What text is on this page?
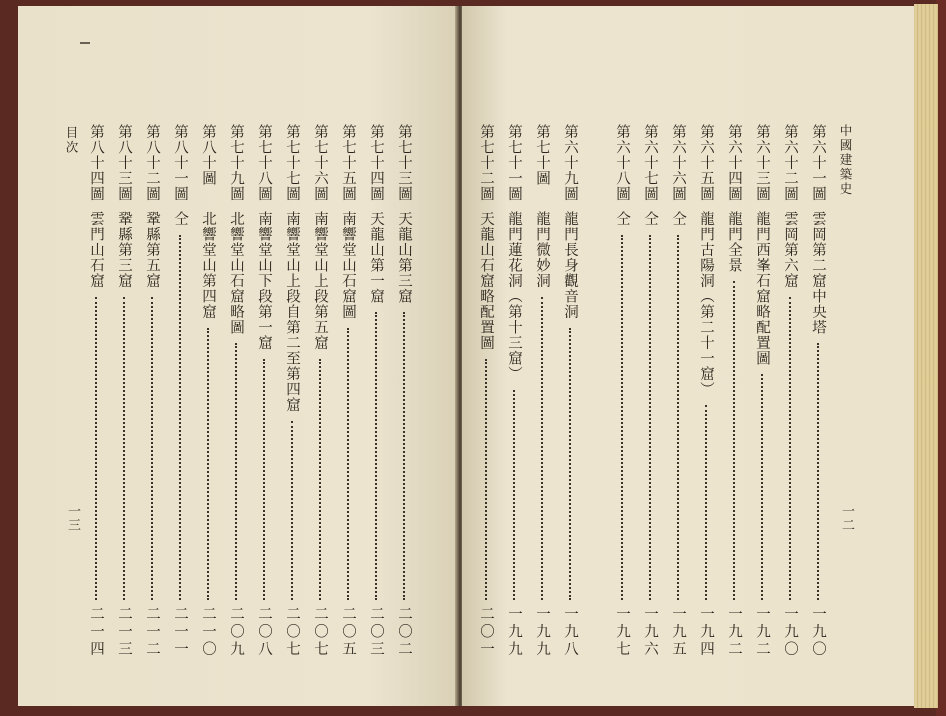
第七十三圖
天龍山第三窟
二〇二
第七十四圖
天龍山第一窟
二〇三
第七十五圖
南響堂山石窟圖
二〇五
第七十六圖
南響堂山上段第五窟
二〇七
第七十七圖
南響堂山上段自第二至第四窟
二〇七
第七十八圖
南響堂山下段第一窟
二〇八
第七十九圖
北響堂山石窟略圖
二〇九
第八十圖
北響堂山第四窟
二一〇
第八十一圖
仝
二一一
第八十二圖
鞏縣第五窟
二一二
第八十三圖
鞏縣第三窟
二一三
第八十四圖
雲門山石窟
二一四
目次
一三
第六十一圖
雲岡第二窟中央塔
一九〇
第六十二圖
雲岡第六窟
一九〇
第六十三圖
龍門西峯石窟略配置圖
一九二
第六十四圖
龍門全景
一九二
第六十五圖
龍門古陽洞（第二十一窟）
一九四
第六十六圖
仝
一九五
第六十七圖
仝
一九六
第六十八圖
仝
一九七
第六十九圖
龍門長身觀音洞
一九八
第七十圖
龍門微妙洞
一九九
第七十一圖
龍門蓮花洞（第十三窟）
一九九
第七十二圖
天龍山石窟略配置圖
二〇一
中國建築史
一二
